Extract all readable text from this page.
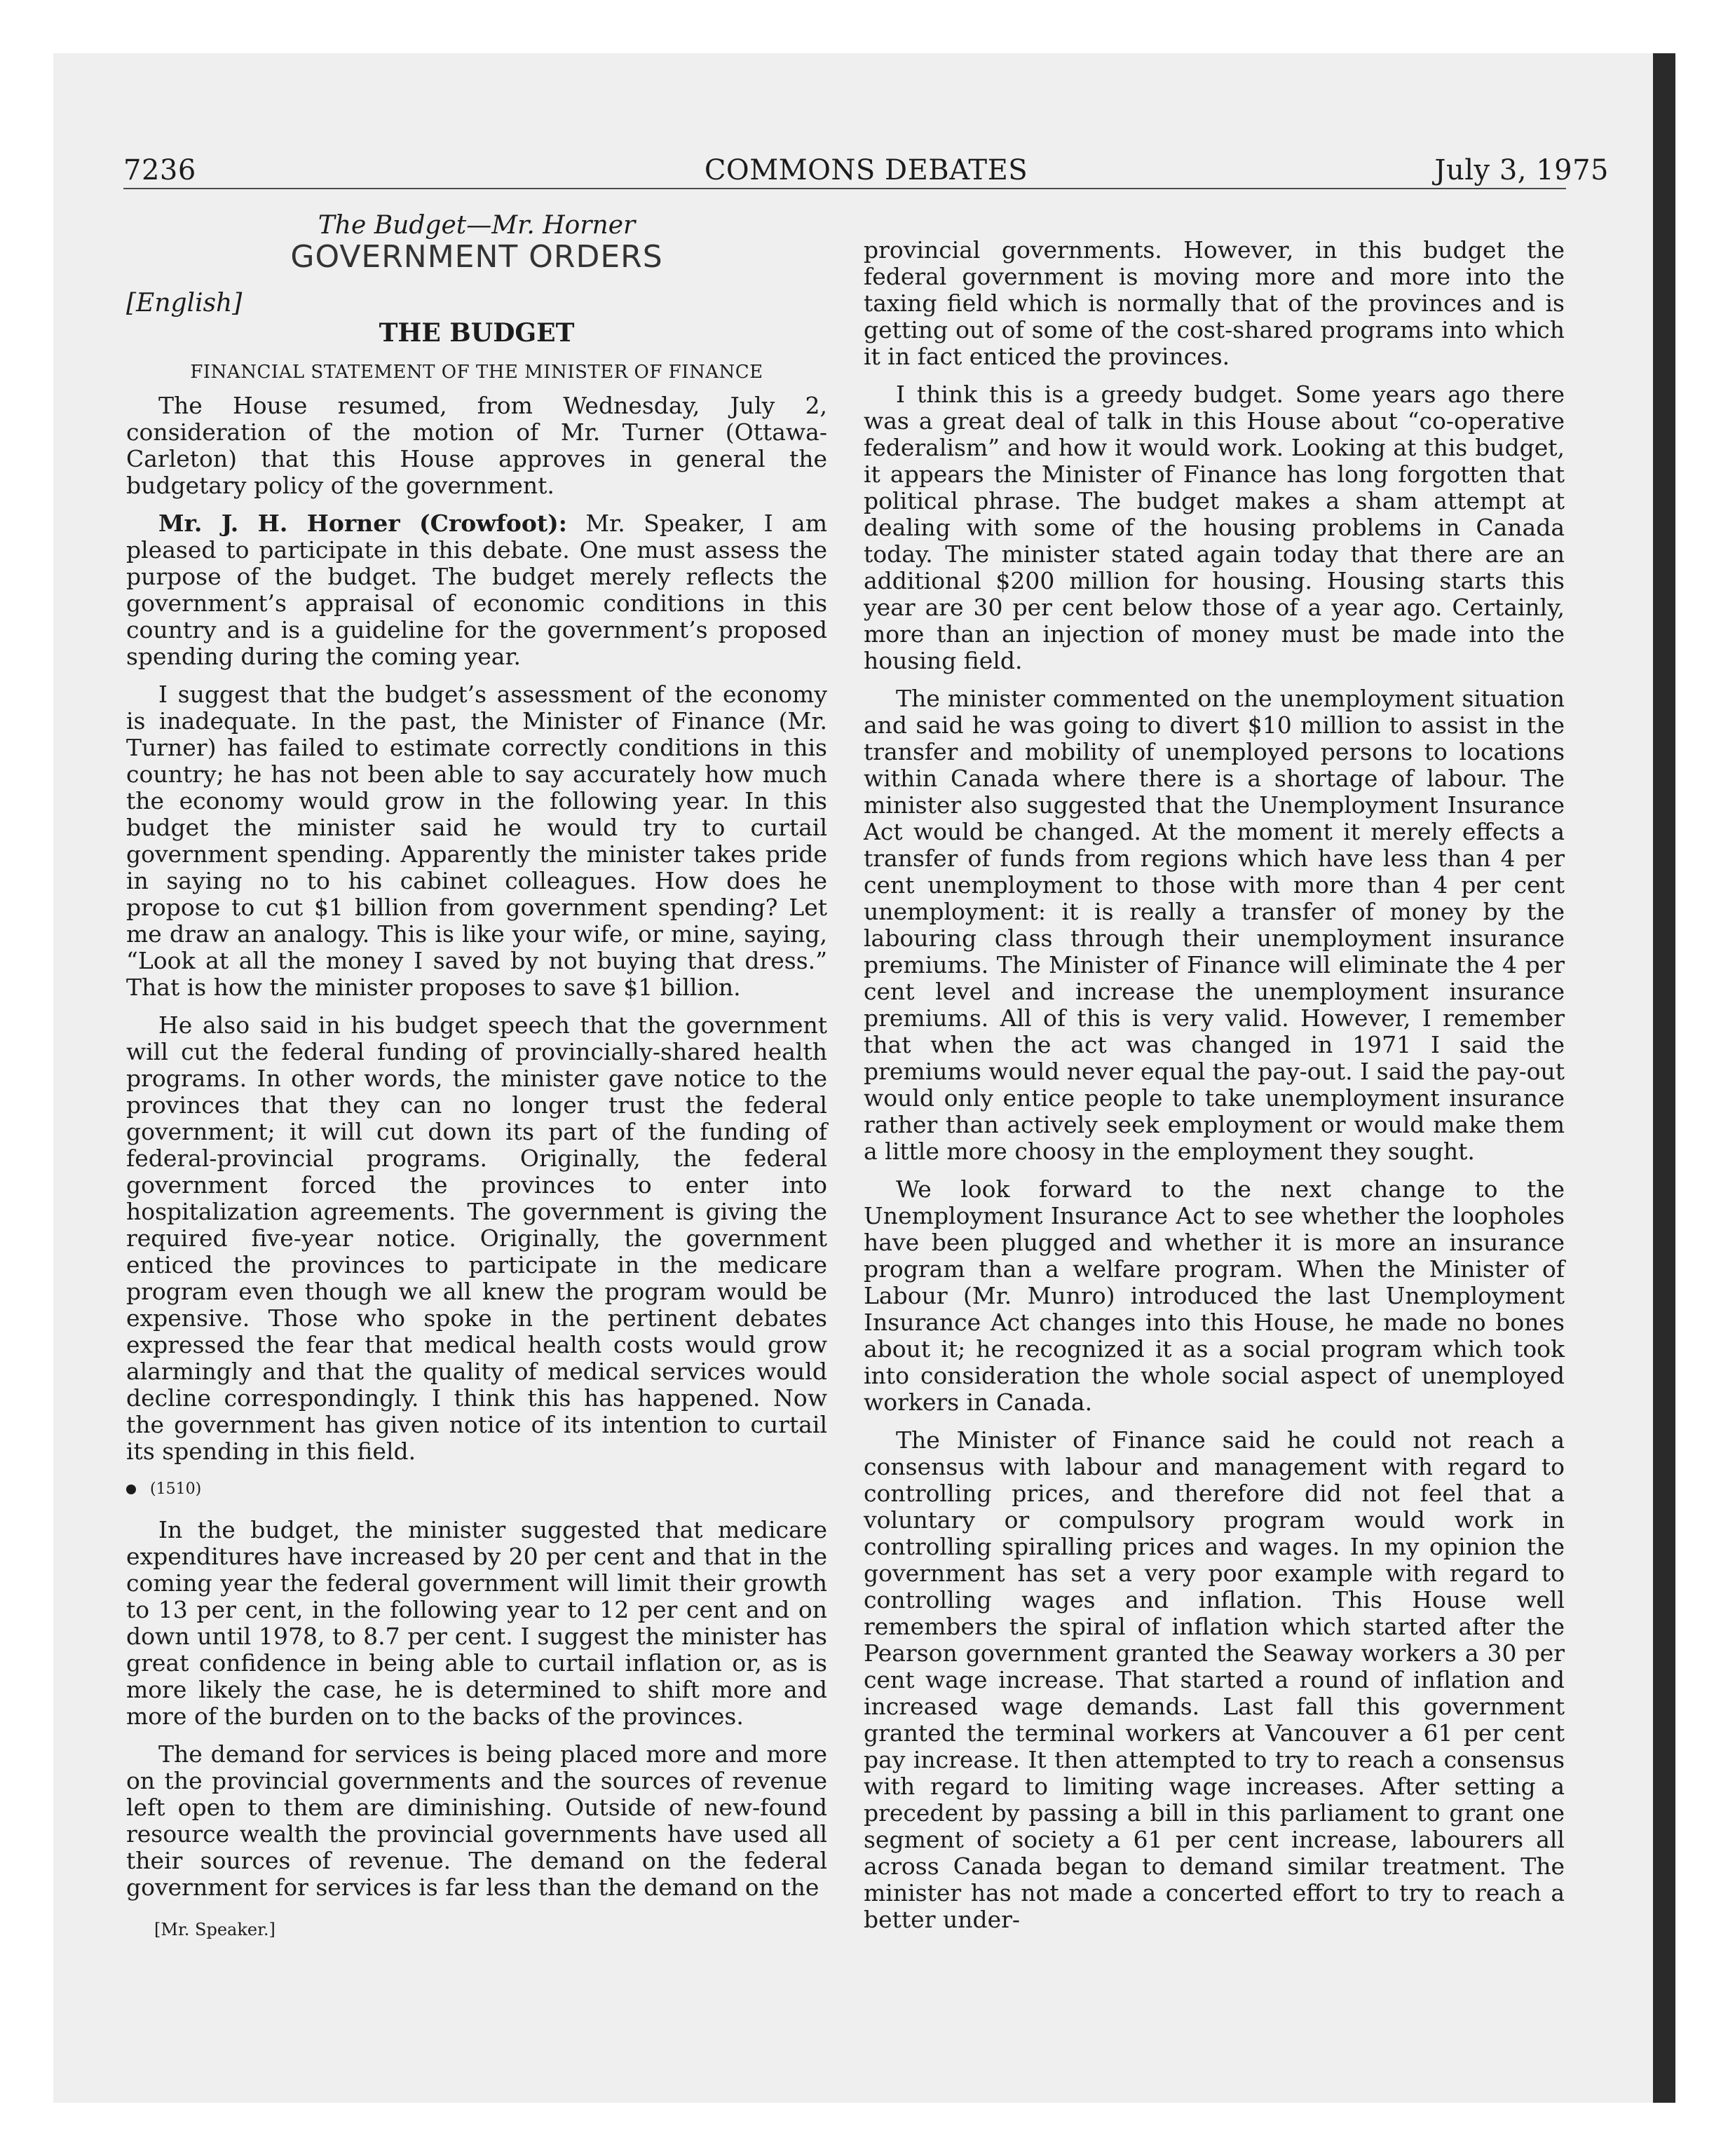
7236	COMMONS DEBATES	July 3, 1975
The Budget—Mr. Horner
GOVERNMENT ORDERS
[English]
THE BUDGET
FINANCIAL STATEMENT OF THE MINISTER OF FINANCE

The House resumed, from Wednesday, July 2, consideration of the motion of Mr. Turner (Ottawa-Carleton) that this House approves in general the budgetary policy of the government.

Mr. J. H. Horner (Crowfoot): Mr. Speaker, I am pleased to participate in this debate. One must assess the purpose of the budget. The budget merely reflects the government’s appraisal of economic conditions in this country and is a guideline for the government’s proposed spending during the coming year.

I suggest that the budget’s assessment of the economy is inadequate. In the past, the Minister of Finance (Mr. Turner) has failed to estimate correctly conditions in this country; he has not been able to say accurately how much the economy would grow in the following year. In this budget the minister said he would try to curtail government spending. Apparently the minister takes pride in saying no to his cabinet colleagues. How does he propose to cut $1 billion from government spending? Let me draw an analogy. This is like your wife, or mine, saying, “Look at all the money I saved by not buying that dress.” That is how the minister proposes to save $1 billion.

He also said in his budget speech that the government will cut the federal funding of provincially-shared health programs. In other words, the minister gave notice to the provinces that they can no longer trust the federal government; it will cut down its part of the funding of federal-provincial programs. Originally, the federal government forced the provinces to enter into hospitalization agreements. The government is giving the required five-year notice. Originally, the government enticed the provinces to participate in the medicare program even though we all knew the program would be expensive. Those who spoke in the pertinent debates expressed the fear that medical health costs would grow alarmingly and that the quality of medical services would decline correspondingly. I think this has happened. Now the government has given notice of its intention to curtail its spending in this field.

(1510)

In the budget, the minister suggested that medicare expenditures have increased by 20 per cent and that in the coming year the federal government will limit their growth to 13 per cent, in the following year to 12 per cent and on down until 1978, to 8.7 per cent. I suggest the minister has great confidence in being able to curtail inflation or, as is more likely the case, he is determined to shift more and more of the burden on to the backs of the provinces.

The demand for services is being placed more and more on the provincial governments and the sources of revenue left open to them are diminishing. Outside of new-found resource wealth the provincial governments have used all their sources of revenue. The demand on the federal government for services is far less than the demand on the

[Mr. Speaker.]

provincial governments. However, in this budget the federal government is moving more and more into the taxing field which is normally that of the provinces and is getting out of some of the cost-shared programs into which it in fact enticed the provinces.

I think this is a greedy budget. Some years ago there was a great deal of talk in this House about “co-operative federalism” and how it would work. Looking at this budget, it appears the Minister of Finance has long forgotten that political phrase. The budget makes a sham attempt at dealing with some of the housing problems in Canada today. The minister stated again today that there are an additional $200 million for housing. Housing starts this year are 30 per cent below those of a year ago. Certainly, more than an injection of money must be made into the housing field.

The minister commented on the unemployment situation and said he was going to divert $10 million to assist in the transfer and mobility of unemployed persons to locations within Canada where there is a shortage of labour. The minister also suggested that the Unemployment Insurance Act would be changed. At the moment it merely effects a transfer of funds from regions which have less than 4 per cent unemployment to those with more than 4 per cent unemployment: it is really a transfer of money by the labouring class through their unemployment insurance premiums. The Minister of Finance will eliminate the 4 per cent level and increase the unemployment insurance premiums. All of this is very valid. However, I remember that when the act was changed in 1971 I said the premiums would never equal the pay-out. I said the pay-out would only entice people to take unemployment insurance rather than actively seek employment or would make them a little more choosy in the employment they sought.

We look forward to the next change to the Unemployment Insurance Act to see whether the loopholes have been plugged and whether it is more an insurance program than a welfare program. When the Minister of Labour (Mr. Munro) introduced the last Unemployment Insurance Act changes into this House, he made no bones about it; he recognized it as a social program which took into consideration the whole social aspect of unemployed workers in Canada.

The Minister of Finance said he could not reach a consensus with labour and management with regard to controlling prices, and therefore did not feel that a voluntary or compulsory program would work in controlling spiralling prices and wages. In my opinion the government has set a very poor example with regard to controlling wages and inflation. This House well remembers the spiral of inflation which started after the Pearson government granted the Seaway workers a 30 per cent wage increase. That started a round of inflation and increased wage demands. Last fall this government granted the terminal workers at Vancouver a 61 per cent pay increase. It then attempted to try to reach a consensus with regard to limiting wage increases. After setting a precedent by passing a bill in this parliament to grant one segment of society a 61 per cent increase, labourers all across Canada began to demand similar treatment. The minister has not made a concerted effort to try to reach a better under-
